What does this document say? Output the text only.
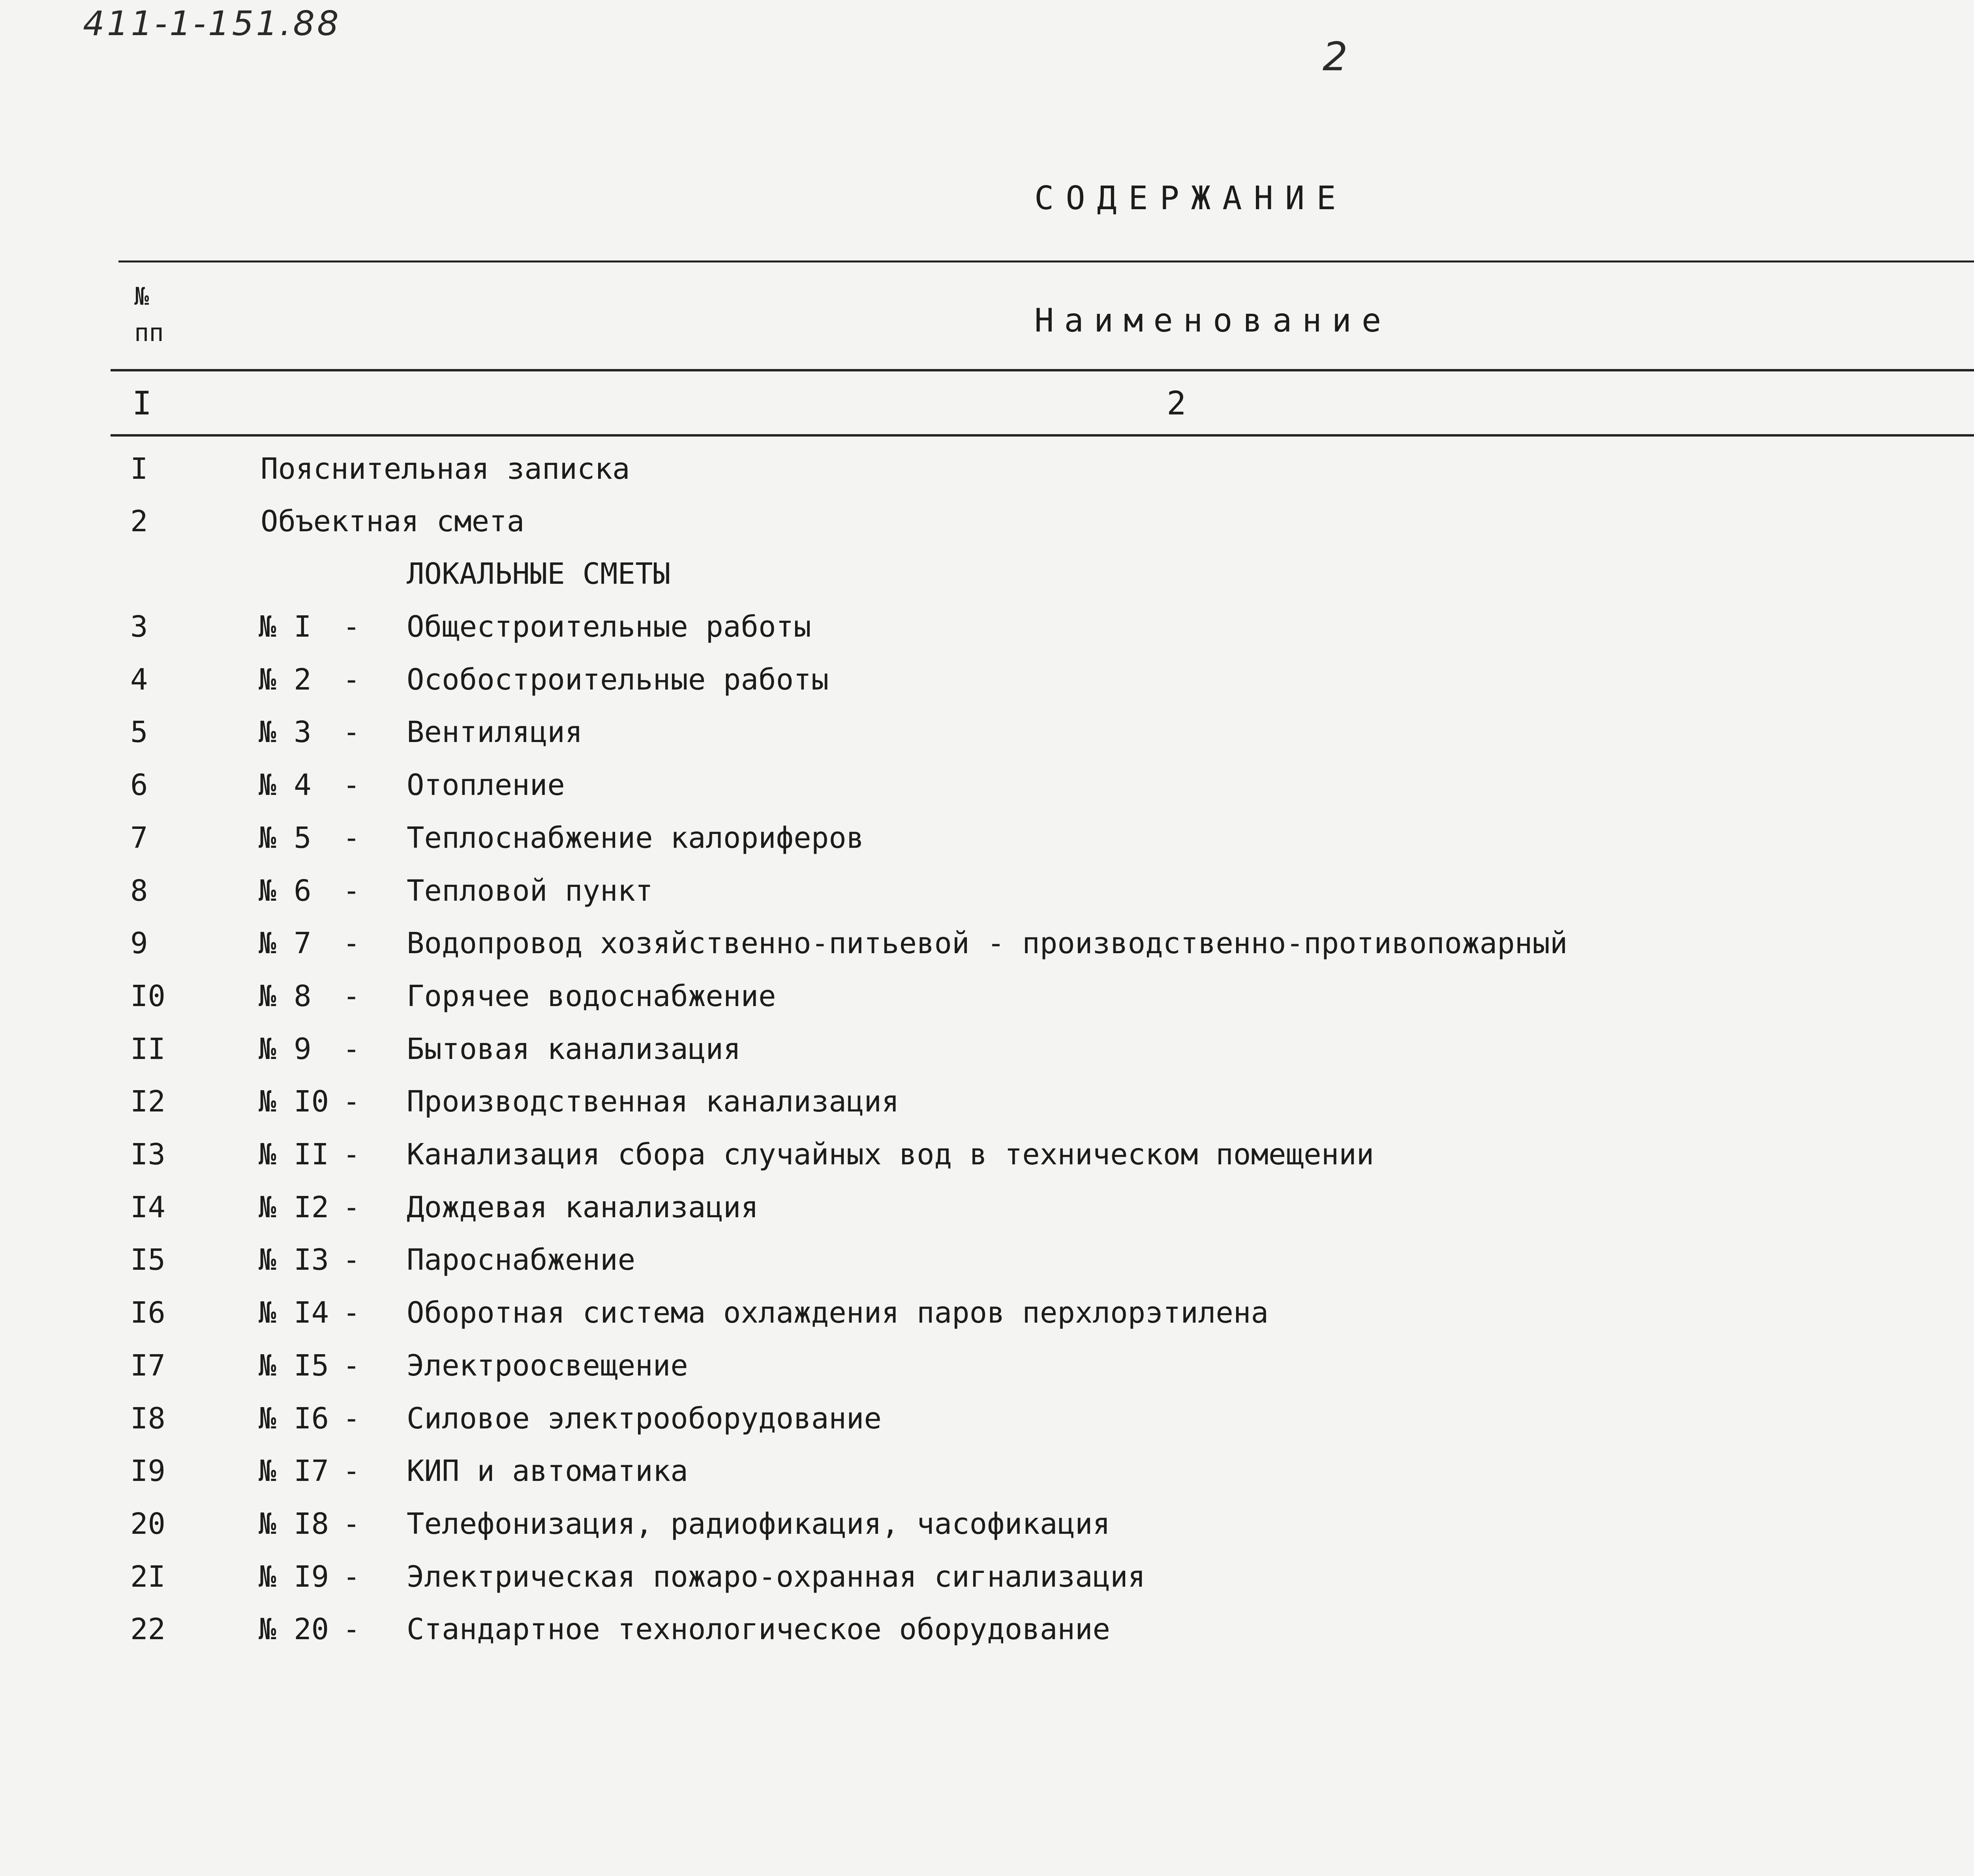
411-1-151.88
2
СОДЕРЖАНИЕ
№
пп	Наименование
I	2
I	Пояснительная записка
2	Объектная смета
ЛОКАЛЬНЫЕ СМЕТЫ
3	№ I - Общестроительные работы
4	№ 2 - Особостроительные работы
5	№ 3 - Вентиляция
6	№ 4 - Отопление
7	№ 5 - Теплоснабжение калориферов
8	№ 6 - Тепловой пункт
9	№ 7 - Водопровод хозяйственно-питьевой - производственно-противопожарный
I0	№ 8 - Горячее водоснабжение
II	№ 9 - Бытовая канализация
I2	№ I0 - Производственная канализация
I3	№ II - Канализация сбора случайных вод в техническом помещении
I4	№ I2 - Дождевая канализация
I5	№ I3 - Пароснабжение
I6	№ I4 - Оборотная система охлаждения паров перхлорэтилена
I7	№ I5 - Электроосвещение
I8	№ I6 - Силовое электрооборудование
I9	№ I7 - КИП и автоматика
20	№ I8 - Телефонизация, радиофикация, часофикация
2I	№ I9 - Электрическая пожаро-охранная сигнализация
22	№ 20 - Стандартное технологическое оборудование
